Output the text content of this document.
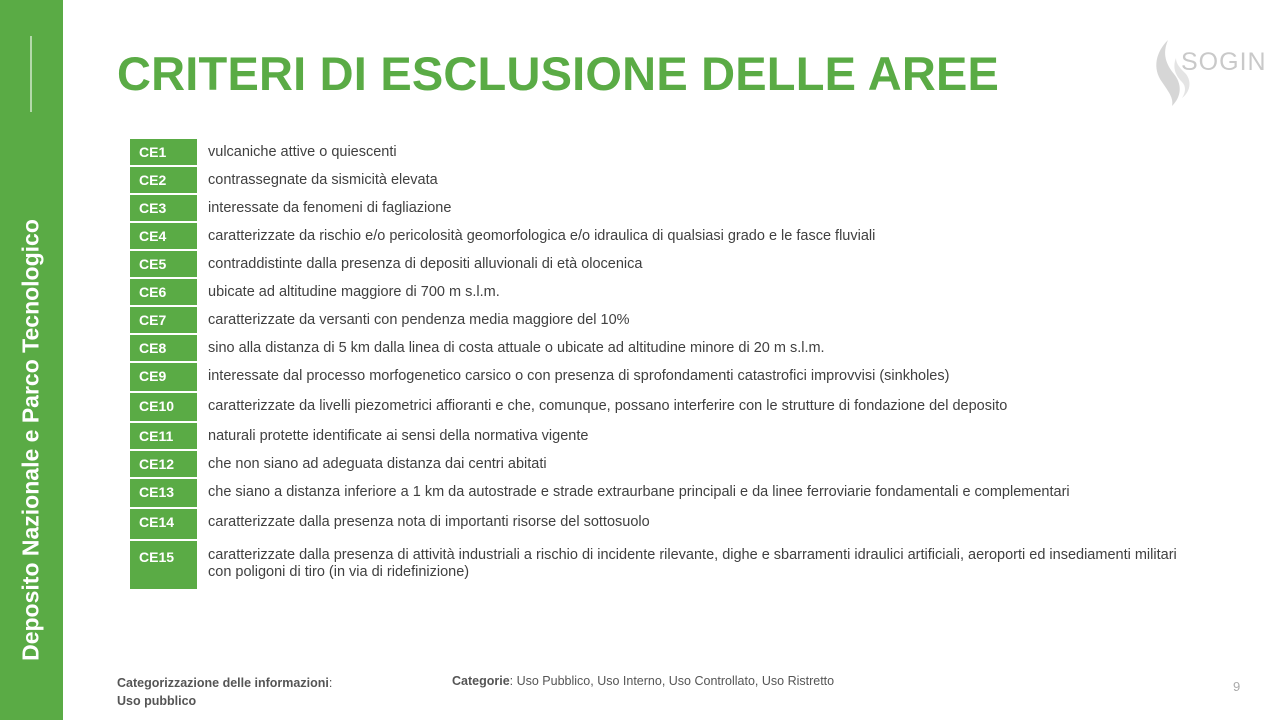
Deposito Nazionale e Parco Tecnologico
CRITERI DI ESCLUSIONE DELLE AREE	SOGIN
CE1	vulcaniche attive o quiescenti
CE2	contrassegnate da sismicità elevata
CE3	interessate da fenomeni di fagliazione
CE4	caratterizzate da rischio e/o pericolosità geomorfologica e/o idraulica di qualsiasi grado e le fasce fluviali
CE5	contraddistinte dalla presenza di depositi alluvionali di età olocenica
CE6	ubicate ad altitudine maggiore di 700 m s.l.m.
CE7	caratterizzate da versanti con pendenza media maggiore del 10%
CE8	sino alla distanza di 5 km dalla linea di costa attuale o ubicate ad altitudine minore di 20 m s.l.m.
CE9	interessate dal processo morfogenetico carsico o con presenza di sprofondamenti catastrofici improvvisi (sinkholes)
CE10	caratterizzate da livelli piezometrici affioranti e che, comunque, possano interferire con le strutture di fondazione del deposito
CE11	naturali protette identificate ai sensi della normativa vigente
CE12	che non siano ad adeguata distanza dai centri abitati
CE13	che siano a distanza inferiore a 1 km da autostrade e strade extraurbane principali e da linee ferroviarie fondamentali e complementari
CE14	caratterizzate dalla presenza nota di importanti risorse del sottosuolo
CE15	caratterizzate dalla presenza di attività industriali a rischio di incidente rilevante, dighe e sbarramenti idraulici artificiali, aeroporti ed insediamenti militari con poligoni di tiro (in via di ridefinizione)
Categorizzazione delle informazioni:
Uso pubblico
Categorie: Uso Pubblico, Uso Interno, Uso Controllato, Uso Ristretto	9
